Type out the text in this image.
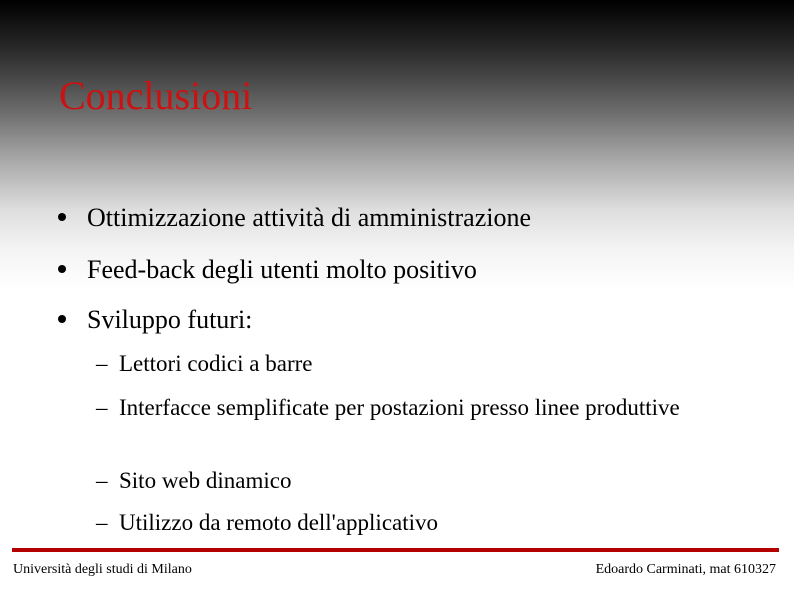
Conclusioni
Ottimizzazione attività di amministrazione
Feed-back degli utenti molto positivo
Sviluppo futuri:
– Lettori codici a barre
– Interfacce semplificate per postazioni presso linee produttive
– Sito web dinamico
– Utilizzo da remoto dell'applicativo
Università degli studi di Milano	Edoardo Carminati, mat 610327
